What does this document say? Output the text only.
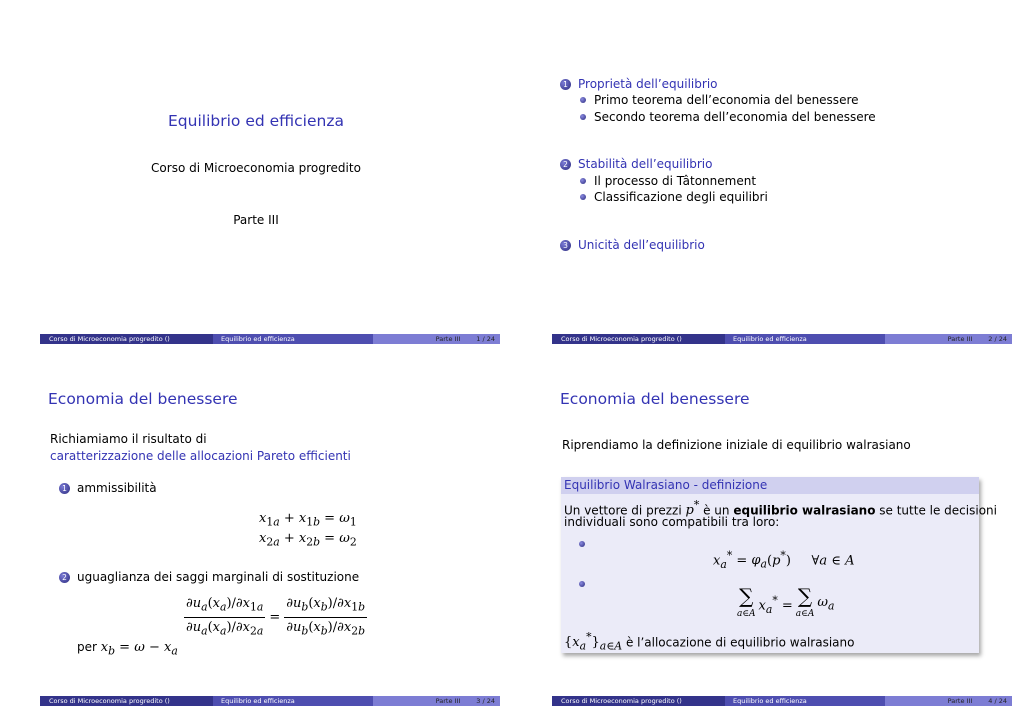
Equilibrio ed efficienza
Corso di Microeconomia progredito
Parte III
Corso di Microeconomia progredito ()	Equilibrio ed efficienza	Parte III 1 / 24
1 Proprietà dell’equilibrio
Primo teorema dell’economia del benessere
Secondo teorema dell’economia del benessere
2 Stabilità dell’equilibrio
Il processo di Tâtonnement
Classificazione degli equilibri
3 Unicità dell’equilibrio
Corso di Microeconomia progredito ()	Equilibrio ed efficienza	Parte III 2 / 24
Economia del benessere
Richiamiamo il risultato di
caratterizzazione delle allocazioni Pareto efficienti
1 ammissibilità
$x_{1a} + x_{1b} = \omega_1$
$x_{2a} + x_{2b} = \omega_2$
2 uguaglianza dei saggi marginali di sostituzione
$\frac{\partial u_a(x_a)/\partial x_{1a}}{\partial u_a(x_a)/\partial x_{2a}} = \frac{\partial u_b(x_b)/\partial x_{1b}}{\partial u_b(x_b)/\partial x_{2b}}$
per $x_b = \omega - x_a$
Corso di Microeconomia progredito ()	Equilibrio ed efficienza	Parte III 3 / 24
Economia del benessere
Riprendiamo la definizione iniziale di equilibrio walrasiano
Equilibrio Walrasiano - definizione
Un vettore di prezzi p* è un equilibrio walrasiano se tutte le decisioni
individuali sono compatibili tra loro:
$x_a^* = \varphi_a(p^*)$     ∀a ∈ A
∑
a∈A
$x_a^*$ = ∑
a∈A
$\omega_a$
$\{x_a^*\}_{a\in A}$ è l’allocazione di equilibrio walrasiano
Corso di Microeconomia progredito ()	Equilibrio ed efficienza	Parte III 4 / 24
